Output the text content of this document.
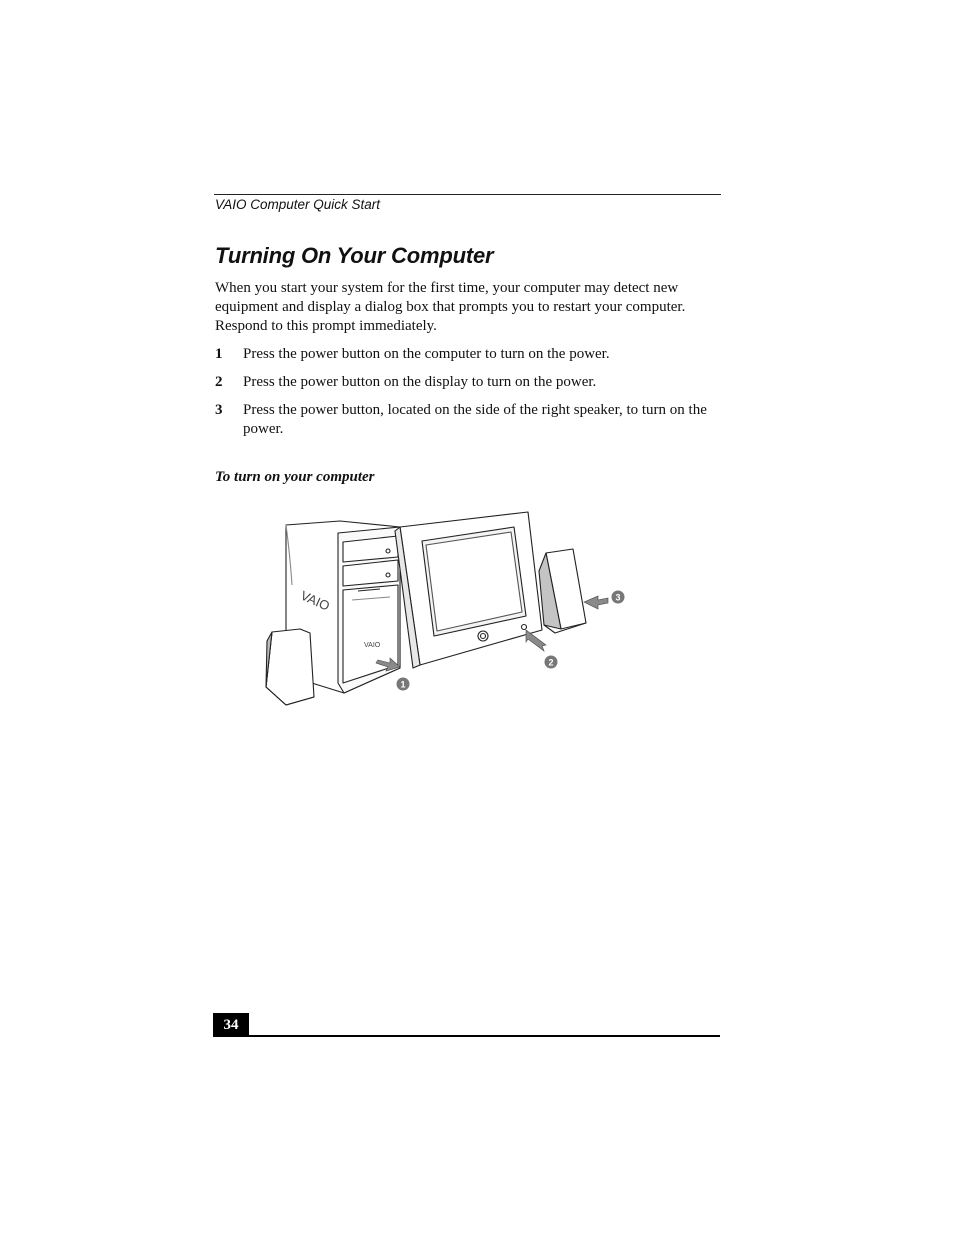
VAIO Computer Quick Start
Turning On Your Computer

When you start your system for the first time, your computer may detect new equipment and display a dialog box that prompts you to restart your computer. Respond to this prompt immediately.

1 Press the power button on the computer to turn on the power.
2 Press the power button on the display to turn on the power.
3 Press the power button, located on the side of the right speaker, to turn on the power.
To turn on your computer
VAIO
VAIO
1
2
3
34
